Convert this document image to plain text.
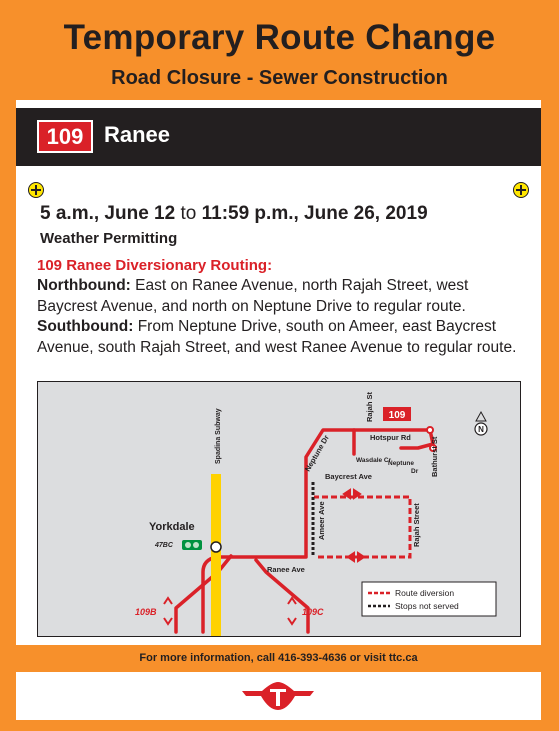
Temporary Route Change
Road Closure - Sewer Construction
109 Ranee
5 a.m., June 12 to 11:59 p.m., June 26, 2019
Weather Permitting
109 Ranee Diversionary Routing:
Northbound: East on Ranee Avenue, north Rajah Street, west Baycrest Avenue, and north on Neptune Drive to regular route.
Southbound: From Neptune Drive, south on Ameer, east Baycrest Avenue, south Rajah Street, and west Ranee Avenue to regular route.
109
109B	109C
Rajah St
Neptune Dr	Hotspur Rd
Wasdale Cr
Neptune
Dr Bathurst St
Baycrest Ave
Ameer Ave	Rajah Street
Ranee Ave
Spadina Subway
Yorkdale
47BC
N
Route diversion
Stops not served
For more information, call 416-393-4636 or visit ttc.ca
